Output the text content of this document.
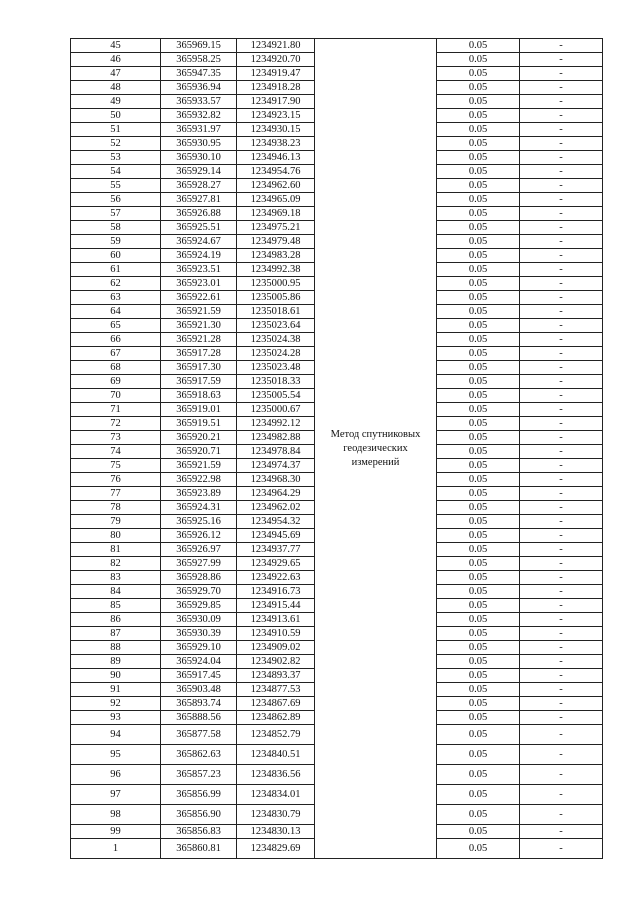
45	365969.15	1234921.80	Метод спутниковых геодезических измерений	0.05	-
46	365958.25	1234920.70		0.05	-
47	365947.35	1234919.47		0.05	-
48	365936.94	1234918.28		0.05	-
49	365933.57	1234917.90		0.05	-
50	365932.82	1234923.15		0.05	-
51	365931.97	1234930.15		0.05	-
52	365930.95	1234938.23		0.05	-
53	365930.10	1234946.13		0.05	-
54	365929.14	1234954.76		0.05	-
55	365928.27	1234962.60		0.05	-
56	365927.81	1234965.09		0.05	-
57	365926.88	1234969.18		0.05	-
58	365925.51	1234975.21		0.05	-
59	365924.67	1234979.48		0.05	-
60	365924.19	1234983.28		0.05	-
61	365923.51	1234992.38		0.05	-
62	365923.01	1235000.95		0.05	-
63	365922.61	1235005.86		0.05	-
64	365921.59	1235018.61		0.05	-
65	365921.30	1235023.64		0.05	-
66	365921.28	1235024.38		0.05	-
67	365917.28	1235024.28		0.05	-
68	365917.30	1235023.48		0.05	-
69	365917.59	1235018.33		0.05	-
70	365918.63	1235005.54		0.05	-
71	365919.01	1235000.67		0.05	-
72	365919.51	1234992.12		0.05	-
73	365920.21	1234982.88		0.05	-
74	365920.71	1234978.84		0.05	-
75	365921.59	1234974.37		0.05	-
76	365922.98	1234968.30		0.05	-
77	365923.89	1234964.29		0.05	-
78	365924.31	1234962.02		0.05	-
79	365925.16	1234954.32		0.05	-
80	365926.12	1234945.69		0.05	-
81	365926.97	1234937.77		0.05	-
82	365927.99	1234929.65		0.05	-
83	365928.86	1234922.63		0.05	-
84	365929.70	1234916.73		0.05	-
85	365929.85	1234915.44		0.05	-
86	365930.09	1234913.61		0.05	-
87	365930.39	1234910.59		0.05	-
88	365929.10	1234909.02		0.05	-
89	365924.04	1234902.82		0.05	-
90	365917.45	1234893.37		0.05	-
91	365903.48	1234877.53		0.05	-
92	365893.74	1234867.69		0.05	-
93	365888.56	1234862.89		0.05	-
94	365877.58	1234852.79		0.05	-
95	365862.63	1234840.51		0.05	-
96	365857.23	1234836.56		0.05	-
97	365856.99	1234834.01		0.05	-
98	365856.90	1234830.79		0.05	-
99	365856.83	1234830.13		0.05	-
1	365860.81	1234829.69		0.05	-
